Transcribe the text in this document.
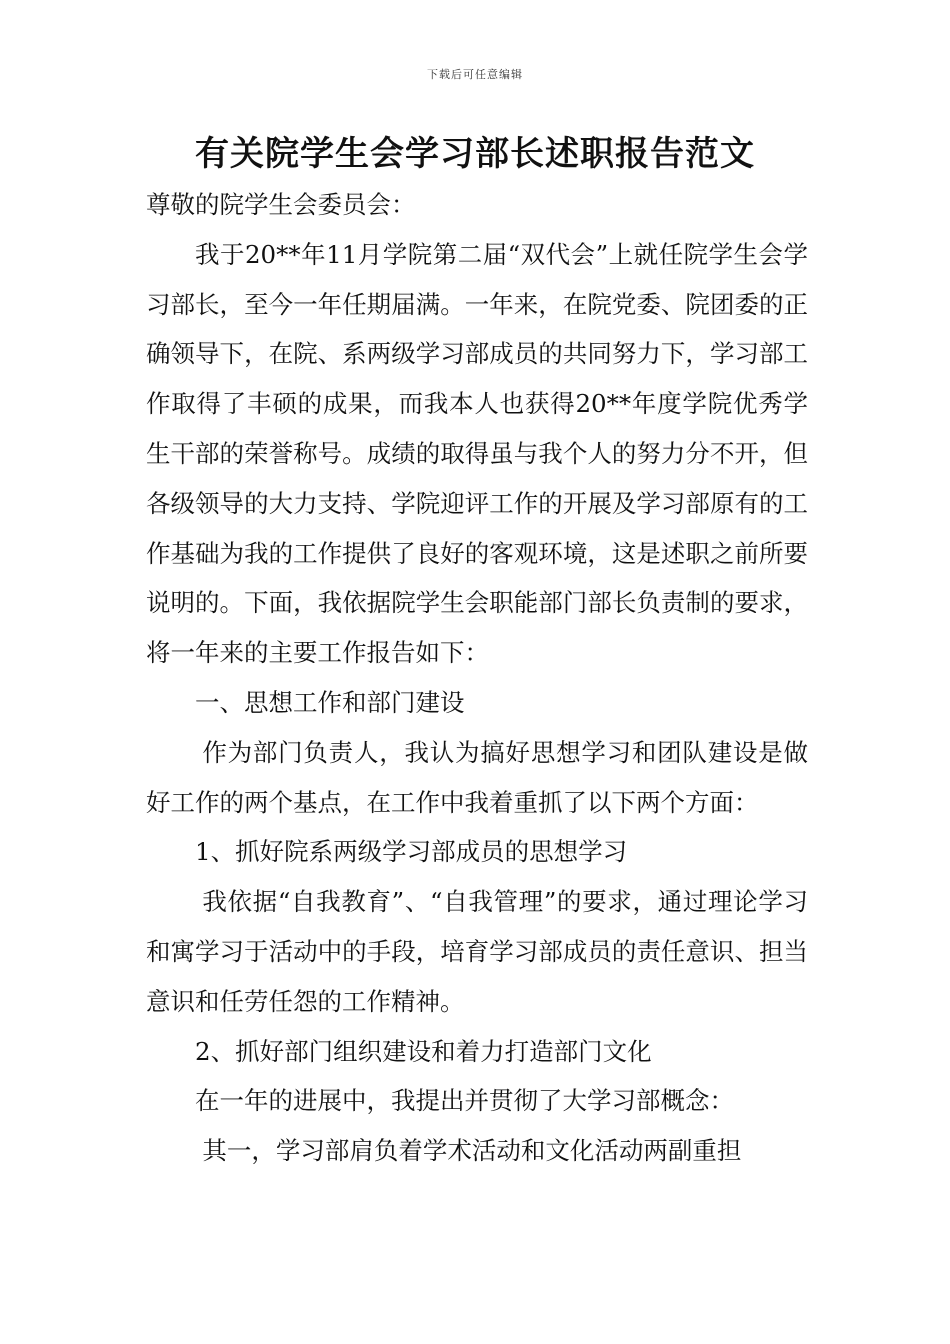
下载后可任意编辑
有关院学生会学习部长述职报告范文

尊敬的院学生会委员会：

我于20**年11月学院第二届“双代会”上就任院学生会学习部长，至今一年任期届满。一年来，在院党委、院团委的正确领导下，在院、系两级学习部成员的共同努力下，学习部工作取得了丰硕的成果，而我本人也获得20**年度学院优秀学生干部的荣誉称号。成绩的取得虽与我个人的努力分不开，但各级领导的大力支持、学院迎评工作的开展及学习部原有的工作基础为我的工作提供了良好的客观环境，这是述职之前所要说明的。下面，我依据院学生会职能部门部长负责制的要求，将一年来的主要工作报告如下：

一、思想工作和部门建设

作为部门负责人，我认为搞好思想学习和团队建设是做好工作的两个基点，在工作中我着重抓了以下两个方面：

1、抓好院系两级学习部成员的思想学习

我依据“自我教育”、“自我管理”的要求，通过理论学习和寓学习于活动中的手段，培育学习部成员的责任意识、担当意识和任劳任怨的工作精神。

2、抓好部门组织建设和着力打造部门文化

在一年的进展中，我提出并贯彻了大学习部概念：

其一，学习部肩负着学术活动和文化活动两副重担
